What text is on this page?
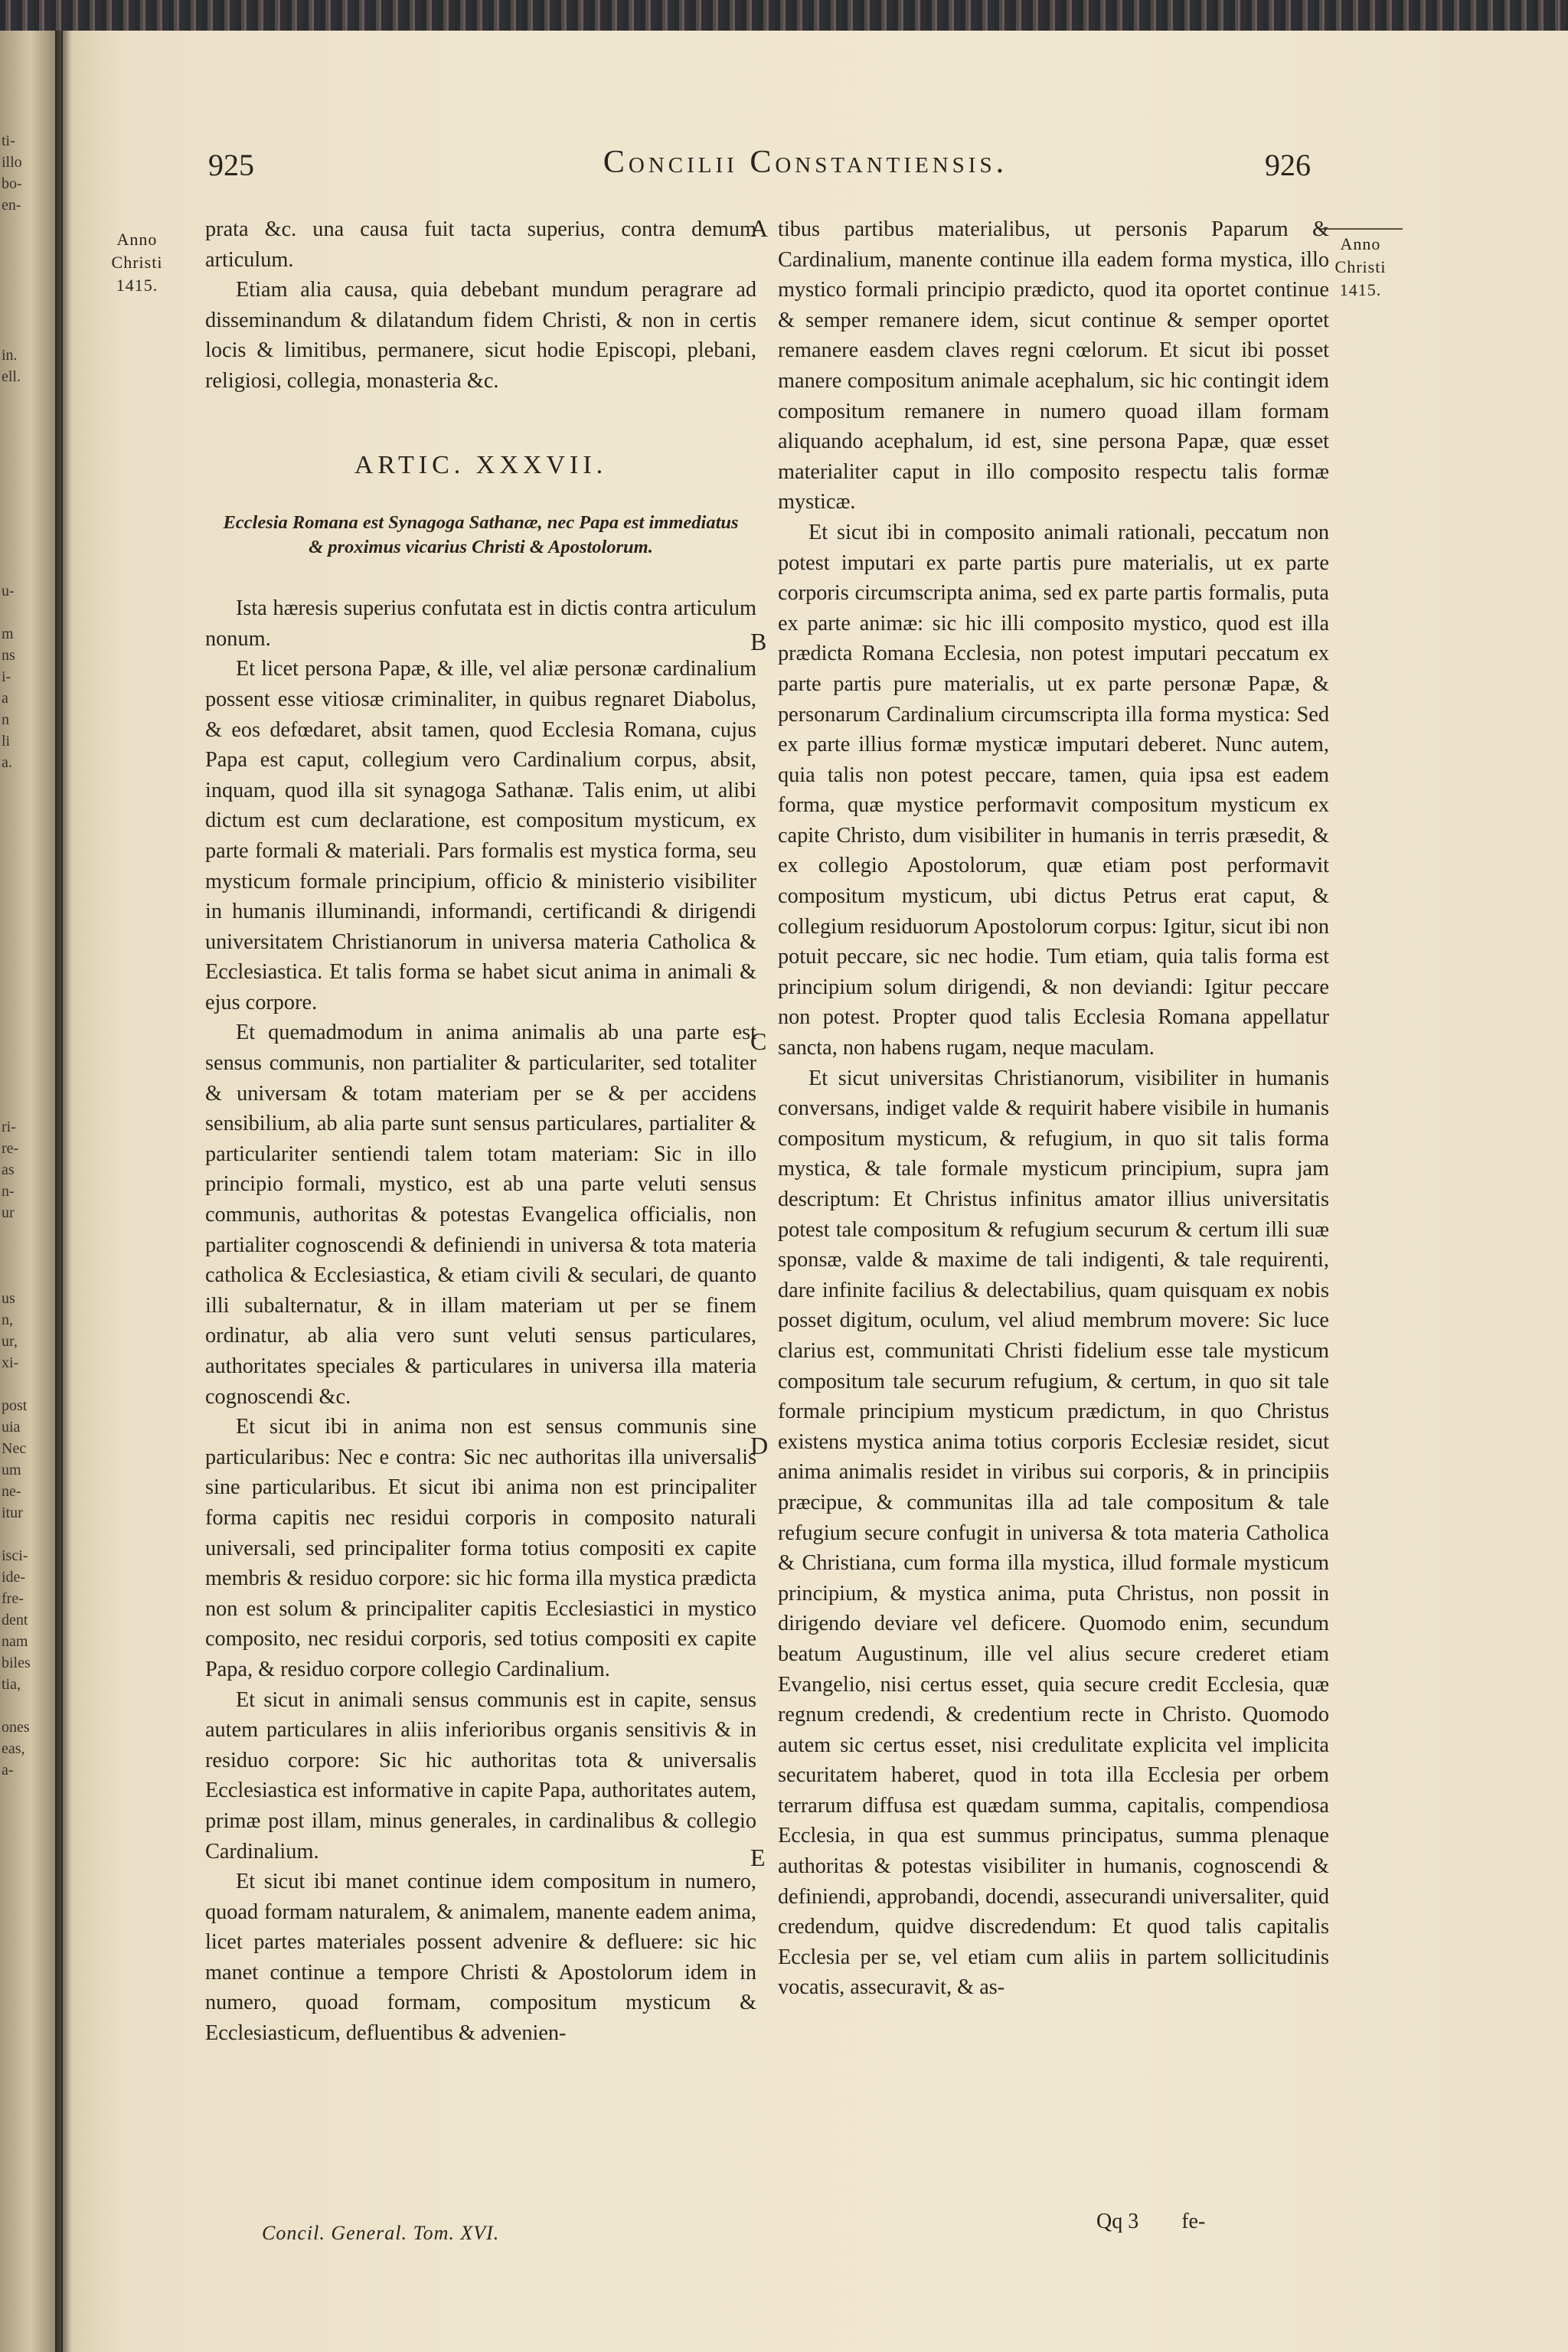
ti-
illo
bo-
en-
in.
ell.
u-
m
ns
i-
a
n
li
a.
ri-
re-
as
n-
ur
us
n,
ur,
xi-
post
uia
Nec
um
ne-
itur
isci-
ide-
fre-
dent
nam
biles
tia,
ones
eas,
a-
925	Concilii Constantiensis.	926
Anno
Christi
1415.
Anno
Christi
1415.

prata &c. una causa fuit tacta superius, contra demum articulum.

Etiam alia causa, quia debebant mundum peragrare ad disseminandum & dilatandum fidem Christi, & non in certis locis & limitibus, permanere, sicut hodie Episcopi, plebani, religiosi, collegia, monasteria &c.

ARTIC. XXXVII.
Ecclesia Romana est Synagoga Sathanæ, nec Papa est immediatus & proximus vicarius Christi & Apostolorum.

Ista hæresis superius confutata est in dictis contra articulum nonum.

Et licet persona Papæ, & ille, vel aliæ personæ cardinalium possent esse vitiosæ criminaliter, in quibus regnaret Diabolus, & eos defœdaret, absit tamen, quod Ecclesia Romana, cujus Papa est caput, collegium vero Cardinalium corpus, absit, inquam, quod illa sit synagoga Sathanæ. Talis enim, ut alibi dictum est cum declaratione, est compositum mysticum, ex parte formali & materiali. Pars formalis est mystica forma, seu mysticum formale principium, officio & ministerio visibiliter in humanis illuminandi, informandi, certificandi & dirigendi universitatem Christianorum in universa materia Catholica & Ecclesiastica. Et talis forma se habet sicut anima in animali & ejus corpore.

Et quemadmodum in anima animalis ab una parte est sensus communis, non partialiter & particulariter, sed totaliter & universam & totam materiam per se & per accidens sensibilium, ab alia parte sunt sensus particulares, partialiter & particulariter sentiendi talem totam materiam: Sic in illo principio formali, mystico, est ab una parte veluti sensus communis, authoritas & potestas Evangelica officialis, non partialiter cognoscendi & definiendi in universa & tota materia catholica & Ecclesiastica, & etiam civili & seculari, de quanto illi subalternatur, & in illam materiam ut per se finem ordinatur, ab alia vero sunt veluti sensus particulares, authoritates speciales & particulares in universa illa materia cognoscendi &c.

Et sicut ibi in anima non est sensus communis sine particularibus: Nec e contra: Sic nec authoritas illa universalis sine particularibus. Et sicut ibi anima non est principaliter forma capitis nec residui corporis in composito naturali universali, sed principaliter forma totius compositi ex capite membris & residuo corpore: sic hic forma illa mystica prædicta non est solum & principaliter capitis Ecclesiastici in mystico composito, nec residui corporis, sed totius compositi ex capite Papa, & residuo corpore collegio Cardinalium.

Et sicut in animali sensus communis est in capite, sensus autem particulares in aliis inferioribus organis sensitivis & in residuo corpore: Sic hic authoritas tota & universalis Ecclesiastica est informative in capite Papa, authoritates autem, primæ post illam, minus generales, in cardinalibus & collegio Cardinalium.

Et sicut ibi manet continue idem compositum in numero, quoad formam naturalem, & animalem, manente eadem anima, licet partes materiales possent advenire & defluere: sic hic manet continue a tempore Christi & Apostolorum idem in numero, quoad formam, compositum mysticum & Ecclesiasticum, defluentibus & advenien-

A
B
C
D
E

tibus partibus materialibus, ut personis Paparum & Cardinalium, manente continue illa eadem forma mystica, illo mystico formali principio prædicto, quod ita oportet continue & semper remanere idem, sicut continue & semper oportet remanere easdem claves regni cœlorum. Et sicut ibi posset manere compositum animale acephalum, sic hic contingit idem compositum remanere in numero quoad illam formam aliquando acephalum, id est, sine persona Papæ, quæ esset materialiter caput in illo composito respectu talis formæ mysticæ.

Et sicut ibi in composito animali rationali, peccatum non potest imputari ex parte partis pure materialis, ut ex parte corporis circumscripta anima, sed ex parte partis formalis, puta ex parte animæ: sic hic illi composito mystico, quod est illa prædicta Romana Ecclesia, non potest imputari peccatum ex parte partis pure materialis, ut ex parte personæ Papæ, & personarum Cardinalium circumscripta illa forma mystica: Sed ex parte illius formæ mysticæ imputari deberet. Nunc autem, quia talis non potest peccare, tamen, quia ipsa est eadem forma, quæ mystice performavit compositum mysticum ex capite Christo, dum visibiliter in humanis in terris præsedit, & ex collegio Apostolorum, quæ etiam post performavit compositum mysticum, ubi dictus Petrus erat caput, & collegium residuorum Apostolorum corpus: Igitur, sicut ibi non potuit peccare, sic nec hodie. Tum etiam, quia talis forma est principium solum dirigendi, & non deviandi: Igitur peccare non potest. Propter quod talis Ecclesia Romana appellatur sancta, non habens rugam, neque maculam.

Et sicut universitas Christianorum, visibiliter in humanis conversans, indiget valde & requirit habere visibile in humanis compositum mysticum, & refugium, in quo sit talis forma mystica, & tale formale mysticum principium, supra jam descriptum: Et Christus infinitus amator illius universitatis potest tale compositum & refugium securum & certum illi suæ sponsæ, valde & maxime de tali indigenti, & tale requirenti, dare infinite facilius & delectabilius, quam quisquam ex nobis posset digitum, oculum, vel aliud membrum movere: Sic luce clarius est, communitati Christi fidelium esse tale mysticum compositum tale securum refugium, & certum, in quo sit tale formale principium mysticum prædictum, in quo Christus existens mystica anima totius corporis Ecclesiæ residet, sicut anima animalis residet in viribus sui corporis, & in principiis præcipue, & communitas illa ad tale compositum & tale refugium secure confugit in universa & tota materia Catholica & Christiana, cum forma illa mystica, illud formale mysticum principium, & mystica anima, puta Christus, non possit in dirigendo deviare vel deficere. Quomodo enim, secundum beatum Augustinum, ille vel alius secure crederet etiam Evangelio, nisi certus esset, quia secure credit Ecclesia, quæ regnum credendi, & credentium recte in Christo. Quomodo autem sic certus esset, nisi credulitate explicita vel implicita securitatem haberet, quod in tota illa Ecclesia per orbem terrarum diffusa est quædam summa, capitalis, compendiosa Ecclesia, in qua est summus principatus, summa plenaque authoritas & potestas visibiliter in humanis, cognoscendi & definiendi, approbandi, docendi, assecurandi universaliter, quid credendum, quidve discredendum: Et quod talis capitalis Ecclesia per se, vel etiam cum aliis in partem sollicitudinis vocatis, assecuravit, & as-

Concil. General. Tom. XVI.	Qq 3 fe-
